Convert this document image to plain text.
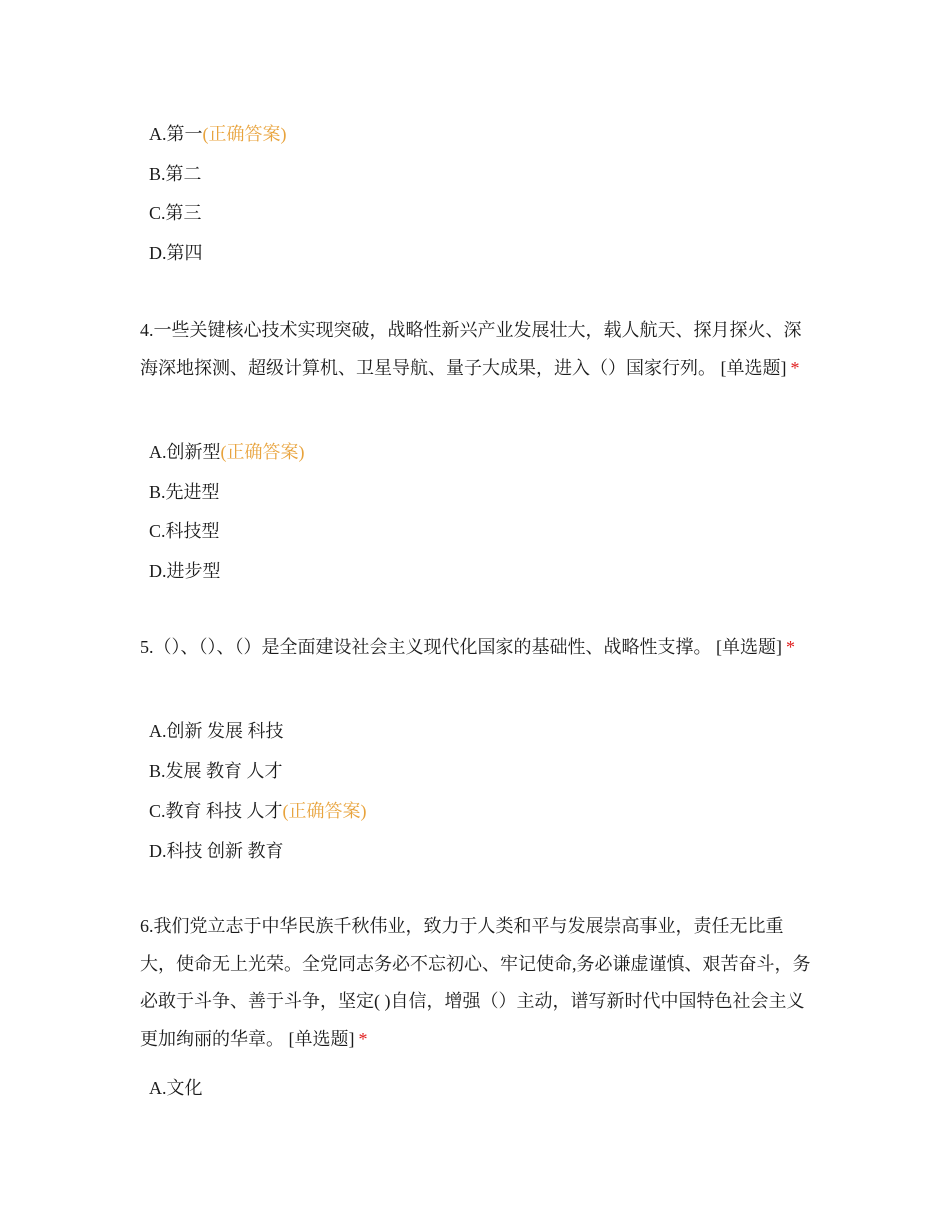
A.第一(正确答案)
B.第二
C.第三
D.第四
4.一些关键核心技术实现突破，战略性新兴产业发展壮大，载人航天、探月探火、深海深地探测、超级计算机、卫星导航、量子大成果，进入（）国家行列。 [单选题] *
A.创新型(正确答案)
B.先进型
C.科技型
D.进步型
5.（）、（）、（）是全面建设社会主义现代化国家的基础性、战略性支撑。 [单选题] *
A.创新 发展 科技
B.发展 教育 人才
C.教育 科技 人才(正确答案)
D.科技 创新 教育
6.我们党立志于中华民族千秋伟业，致力于人类和平与发展崇高事业，责任无比重大，使命无上光荣。全党同志务必不忘初心、牢记使命,务必谦虚谨慎、艰苦奋斗，务必敢于斗争、善于斗争，坚定( )自信，增强（）主动，谱写新时代中国特色社会主义更加绚丽的华章。 [单选题] *
A.文化
